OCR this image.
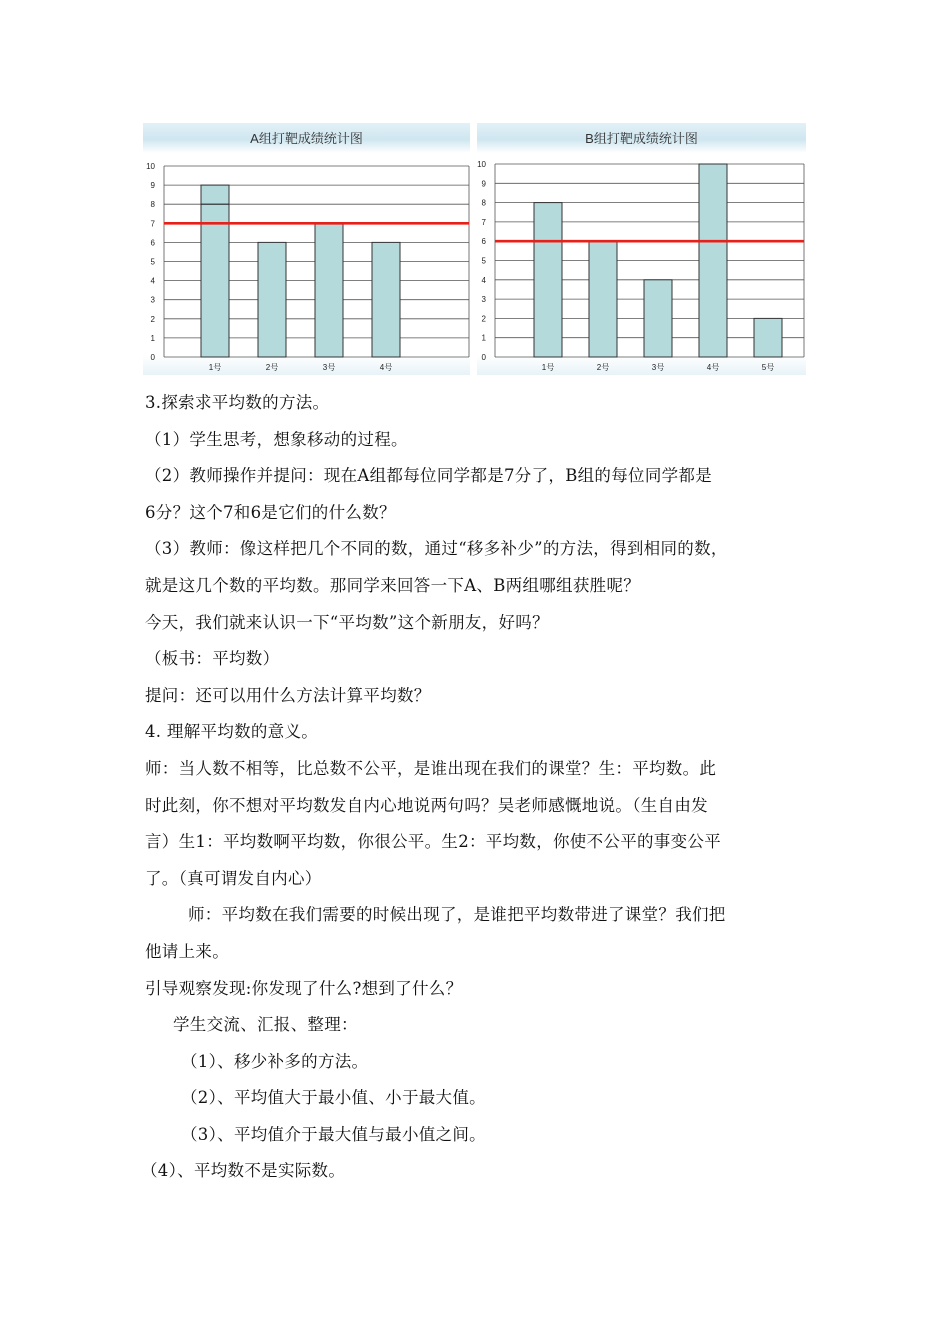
A组打靶成绩统计图
0
1
2
3
4
5
6
7
8
9
10
1号	2号	3号	4号
B组打靶成绩统计图
0
1
2
3
4
5
6
7
8
9
10
1号	2号	3号	4号	5号
3.探索求平均数的方法。
（1）学生思考，想象移动的过程。
（2）教师操作并提问：现在A组都每位同学都是7分了，B组的每位同学都是
6分？这个7和6是它们的什么数？
（3）教师：像这样把几个不同的数，通过“移多补少”的方法，得到相同的数，
就是这几个数的平均数。那同学来回答一下A、B两组哪组获胜呢？
今天，我们就来认识一下“平均数”这个新朋友，好吗？
（板书：平均数）
提问：还可以用什么方法计算平均数？
4. 理解平均数的意义。
师：当人数不相等，比总数不公平，是谁出现在我们的课堂？生：平均数。此
时此刻，你不想对平均数发自内心地说两句吗？吴老师感慨地说。（生自由发
言）生1：平均数啊平均数，你很公平。生2：平均数，你使不公平的事变公平
了。（真可谓发自内心）
师：平均数在我们需要的时候出现了，是谁把平均数带进了课堂？我们把
他请上来。
引导观察发现:你发现了什么?想到了什么？
学生交流、汇报、整理：
（1）、移少补多的方法。
（2）、平均值大于最小值、小于最大值。
（3）、平均值介于最大值与最小值之间。
（4）、平均数不是实际数。
